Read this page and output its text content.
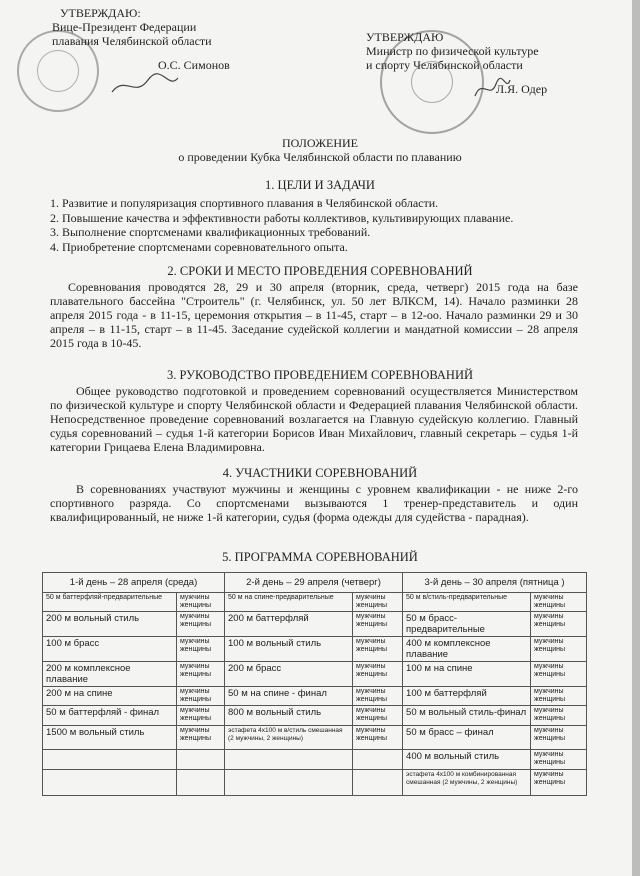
УТВЕРЖДАЮ:
Вице-Президент Федерации
плавания Челябинской области
О.С. Симонов
УТВЕРЖДАЮ
Министр по физической культуре
и спорту Челябинской области
Л.Я. Одер
ПОЛОЖЕНИЕ
о проведении Кубка Челябинской области по плаванию
1. ЦЕЛИ И ЗАДАЧИ
1. Развитие и популяризация спортивного плавания в Челябинской области.
2. Повышение качества и эффективности работы коллективов, культивирующих плавание.
3. Выполнение спортсменами квалификационных требований.
4. Приобретение спортсменами соревновательного опыта.
2. СРОКИ И МЕСТО ПРОВЕДЕНИЯ СОРЕВНОВАНИЙ
Соревнования проводятся 28, 29 и 30 апреля (вторник, среда, четверг) 2015 года на базе плавательного бассейна "Строитель" (г. Челябинск, ул. 50 лет ВЛКСМ, 14). Начало разминки 28 апреля 2015 года - в 11-15, церемония открытия – в 11-45, старт – в 12-оо. Начало разминки 29 и 30 апреля – в 11-15, старт – в 11-45. Заседание судейской коллегии и мандатной комиссии – 28 апреля 2015 года в 10-45.
3. РУКОВОДСТВО ПРОВЕДЕНИЕМ СОРЕВНОВАНИЙ
Общее руководство подготовкой и проведением соревнований осуществляется Министерством по физической культуре и спорту Челябинской области и Федерацией плавания Челябинской области. Непосредственное проведение соревнований возлагается на Главную судейскую коллегию. Главный судья соревнований – судья 1-й категории Борисов Иван Михайлович, главный секретарь – судья 1-й категории Грицаева Елена Владимировна.
4. УЧАСТНИКИ СОРЕВНОВАНИЙ
В соревнованиях участвуют мужчины и женщины с уровнем квалификации - не ниже 2-го спортивного разряда. Со спортсменами вызываются 1 тренер-представитель и один квалифицированный, не ниже 1-й категории, судья (форма одежды для судейства - парадная).
5. ПРОГРАММА СОРЕВНОВАНИЙ
1-й день – 28 апреля (среда)		2-й день – 29 апреля (четверг)		3-й день – 30 апреля (пятница )	
50 м баттерфляй-предварительные	мужчины женщины	50 м на спине-предварительные	мужчины женщины	50 м в/стиль-предварительные	мужчины женщины
200 м вольный стиль	мужчины женщины	200 м баттерфляй	мужчины женщины	50 м брасс-предварительные	мужчины женщины
100 м брасс	мужчины женщины	100 м вольный стиль	мужчины женщины	400 м комплексное плавание	мужчины женщины
200 м комплексное плавание	мужчины женщины	200 м брасс	мужчины женщины	100 м на спине	мужчины женщины
200 м на спине	мужчины женщины	50 м на спине - финал	мужчины женщины	100 м баттерфляй	мужчины женщины
50 м баттерфляй - финал	мужчины женщины	800 м вольный стиль	мужчины женщины	50 м вольный стиль-финал	мужчины женщины
1500 м вольный стиль	мужчины женщины	эстафета 4х100 м в/стиль смешанная (2 мужчины, 2 женщины)	мужчины женщины	50 м брасс – финал	мужчины женщины
				400 м вольный стиль	мужчины женщины
				эстафета 4х100 м комбинированная смешанная (2 мужчины, 2 женщины)	мужчины женщины
